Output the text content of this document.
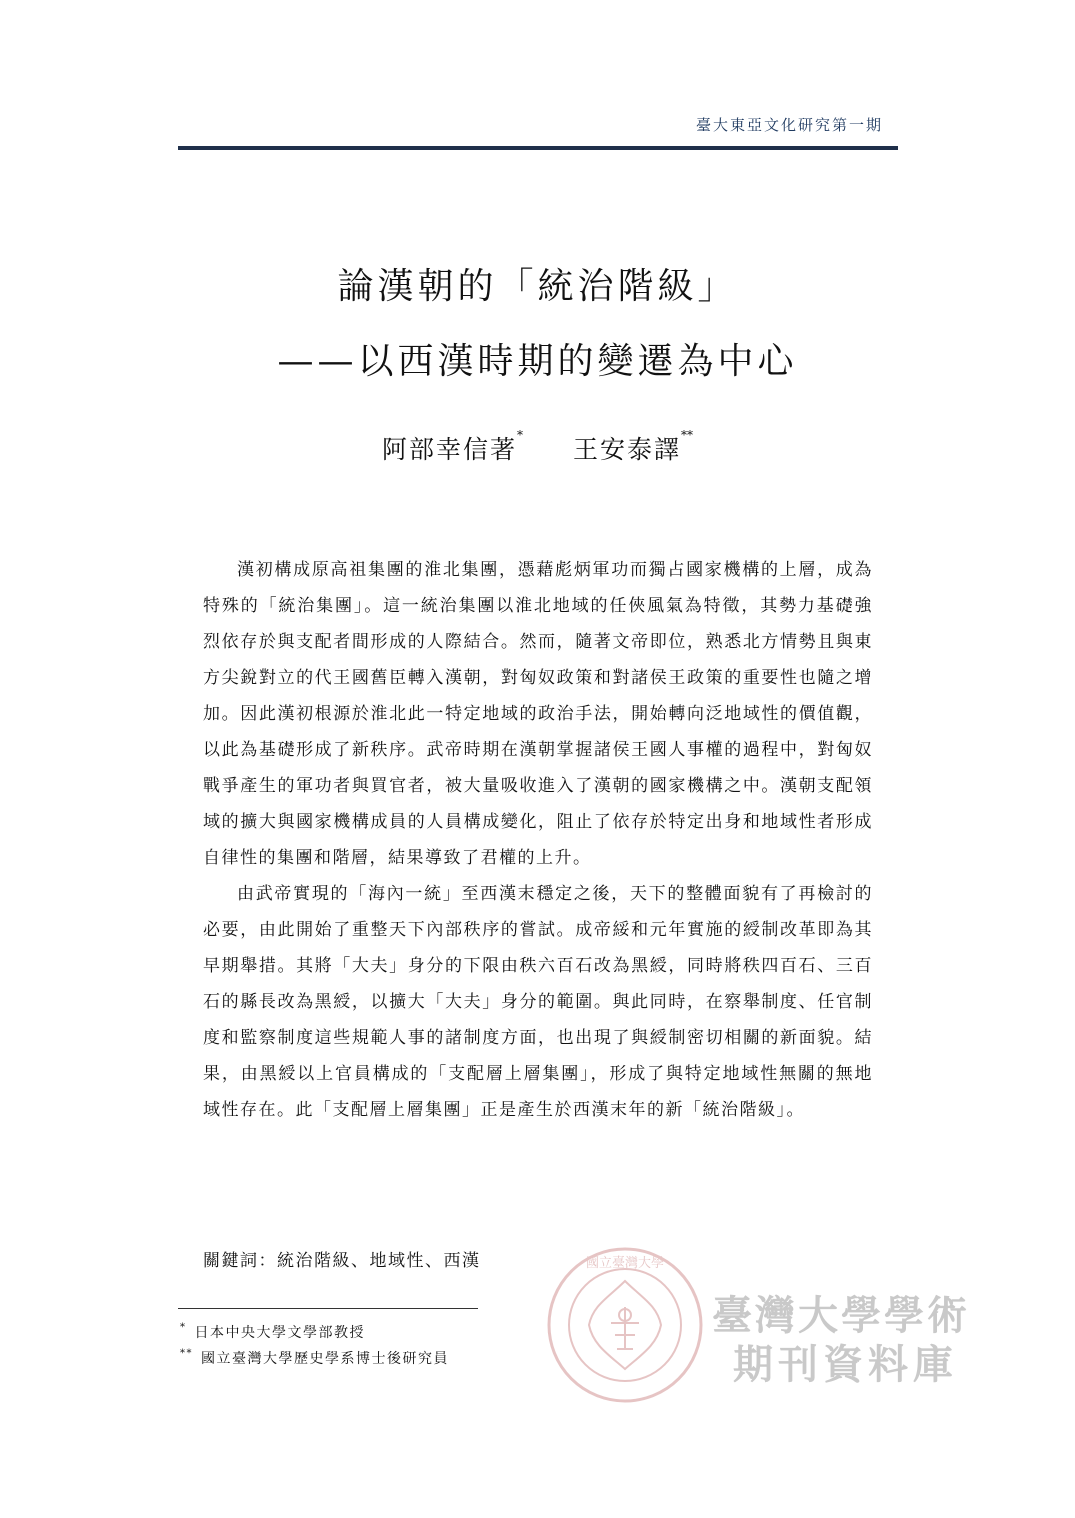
臺大東亞文化研究第一期
論漢朝的「統治階級」
——以西漢時期的變遷為中心
阿部幸信著* 王安泰譯**

漢初構成原高祖集團的淮北集團，憑藉彪炳軍功而獨占國家機構的上層，成為特殊的「統治集團」。這一統治集團以淮北地域的任俠風氣為特徵，其勢力基礎強烈依存於與支配者間形成的人際結合。然而，隨著文帝即位，熟悉北方情勢且與東方尖銳對立的代王國舊臣轉入漢朝，對匈奴政策和對諸侯王政策的重要性也隨之增加。因此漢初根源於淮北此一特定地域的政治手法，開始轉向泛地域性的價值觀，以此為基礎形成了新秩序。武帝時期在漢朝掌握諸侯王國人事權的過程中，對匈奴戰爭產生的軍功者與買官者，被大量吸收進入了漢朝的國家機構之中。漢朝支配領域的擴大與國家機構成員的人員構成變化，阻止了依存於特定出身和地域性者形成自律性的集團和階層，結果導致了君權的上升。

由武帝實現的「海內一統」至西漢末穩定之後，天下的整體面貌有了再檢討的必要，由此開始了重整天下內部秩序的嘗試。成帝綏和元年實施的綬制改革即為其早期舉措。其將「大夫」身分的下限由秩六百石改為黑綬，同時將秩四百石、三百石的縣長改為黑綬，以擴大「大夫」身分的範圍。與此同時，在察舉制度、任官制度和監察制度這些規範人事的諸制度方面，也出現了與綬制密切相關的新面貌。結果，由黑綬以上官員構成的「支配層上層集團」，形成了與特定地域性無關的無地域性存在。此「支配層上層集團」正是產生於西漢末年的新「統治階級」。

關鍵詞：統治階級、地域性、西漢
* 日本中央大學文學部教授
** 國立臺灣大學歷史學系博士後研究員
國立臺灣大學
臺灣大學學術
期刊資料庫
